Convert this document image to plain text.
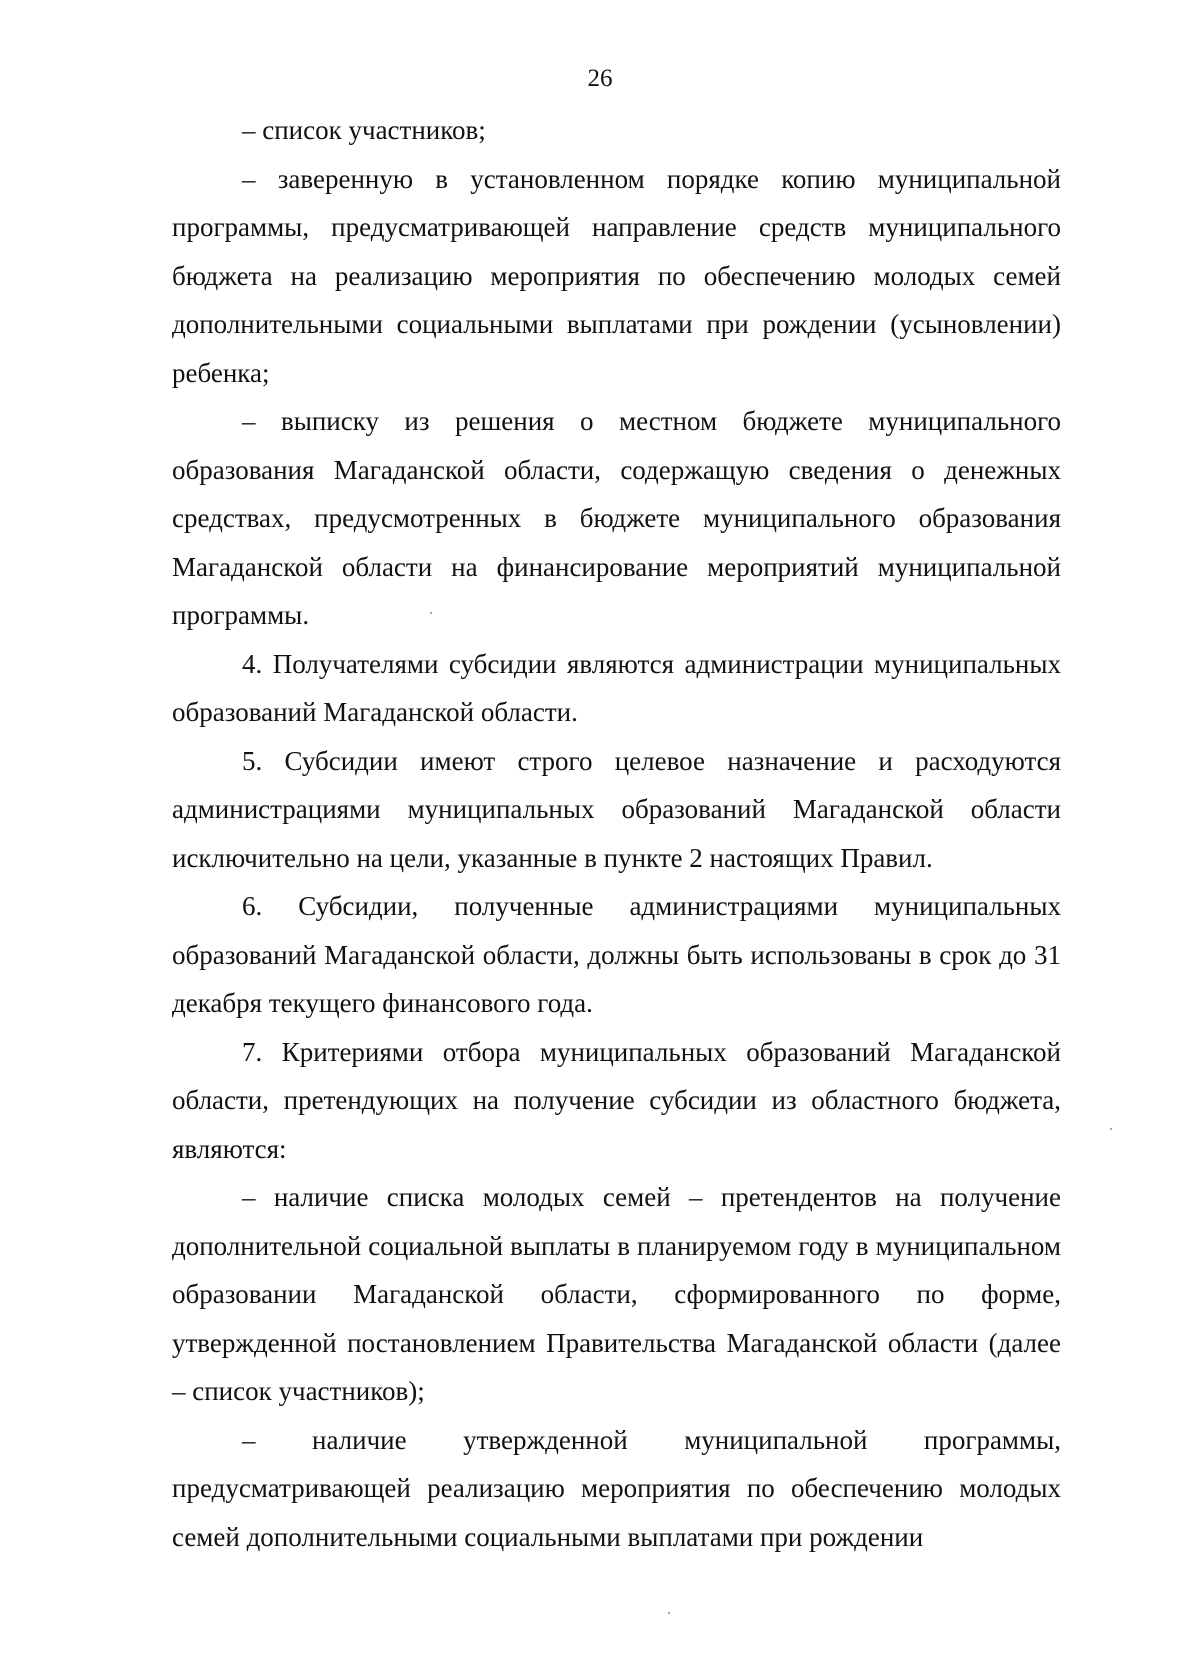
26

– список участников;

– заверенную в установленном порядке копию муниципальной программы, предусматривающей направление средств муниципального бюджета на реализацию мероприятия по обеспечению молодых семей дополнительными социальными выплатами при рождении (усыновлении) ребенка;

– выписку из решения о местном бюджете муниципального образования Магаданской области, содержащую сведения о денежных средствах, предусмотренных в бюджете муниципального образования Магаданской области на финансирование мероприятий муниципальной программы.

4. Получателями субсидии являются администрации муниципальных образований Магаданской области.

5. Субсидии имеют строго целевое назначение и расходуются администрациями муниципальных образований Магаданской области исключительно на цели, указанные в пункте 2 настоящих Правил.

6. Субсидии, полученные администрациями муниципальных образований Магаданской области, должны быть использованы в срок до 31 декабря текущего финансового года.

7. Критериями отбора муниципальных образований Магаданской области, претендующих на получение субсидии из областного бюджета, являются:

– наличие списка молодых семей – претендентов на получение дополнительной социальной выплаты в планируемом году в муниципальном образовании Магаданской области, сформированного по форме, утвержденной постановлением Правительства Магаданской области (далее – список участников);

– наличие утвержденной муниципальной программы, предусматривающей реализацию мероприятия по обеспечению молодых семей дополнительными социальными выплатами при рождении
